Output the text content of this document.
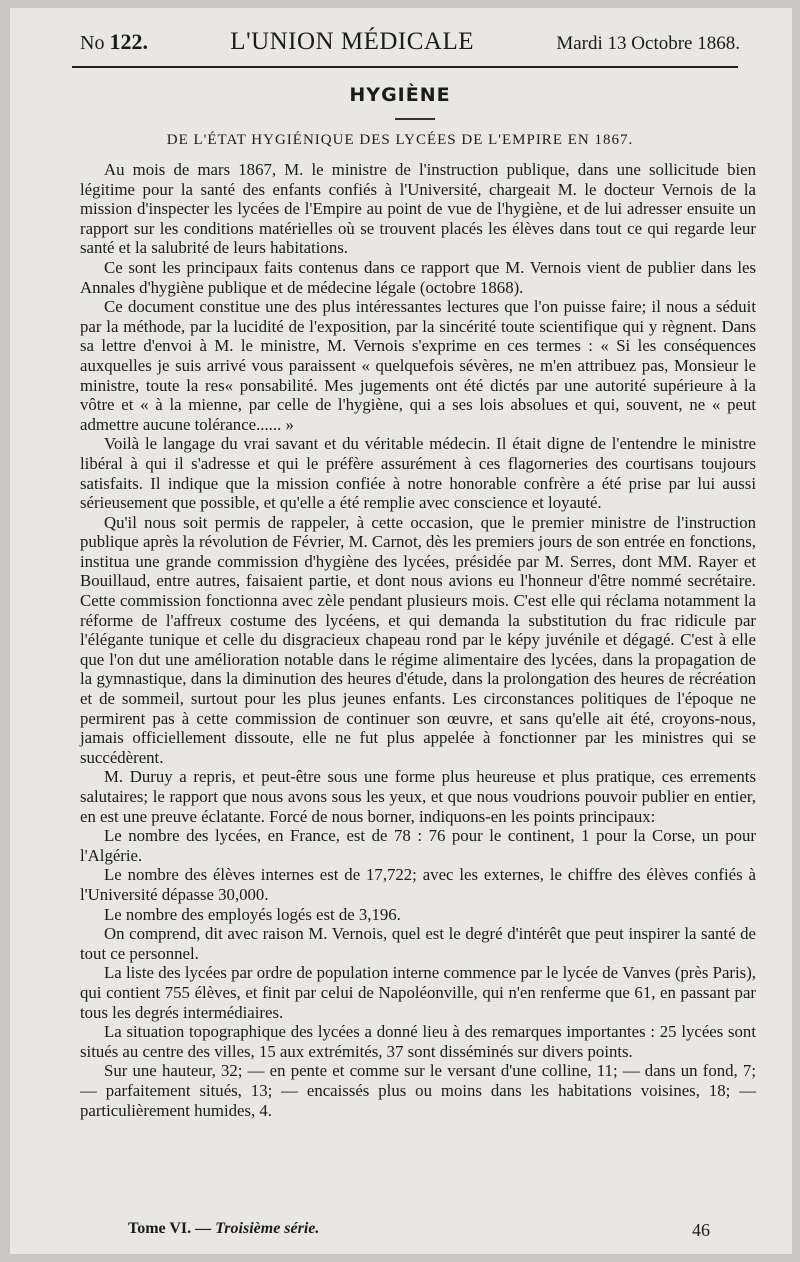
No 122.	L'UNION MÉDICALE	Mardi 13 Octobre 1868.
HYGIÈNE
DE L'ÉTAT HYGIÉNIQUE DES LYCÉES DE L'EMPIRE EN 1867.

Au mois de mars 1867, M. le ministre de l'instruction publique, dans une sollicitude bien légitime pour la santé des enfants confiés à l'Université, chargeait M. le docteur Vernois de la mission d'inspecter les lycées de l'Empire au point de vue de l'hygiène, et de lui adresser ensuite un rapport sur les conditions matérielles où se trouvent placés les élèves dans tout ce qui regarde leur santé et la salubrité de leurs habitations.

Ce sont les principaux faits contenus dans ce rapport que M. Vernois vient de publier dans les Annales d'hygiène publique et de médecine légale (octobre 1868).

Ce document constitue une des plus intéressantes lectures que l'on puisse faire; il nous a séduit par la méthode, par la lucidité de l'exposition, par la sincérité toute scientifique qui y règnent. Dans sa lettre d'envoi à M. le ministre, M. Vernois s'exprime en ces termes : « Si les conséquences auxquelles je suis arrivé vous paraissent « quelquefois sévères, ne m'en attribuez pas, Monsieur le ministre, toute la res« ponsabilité. Mes jugements ont été dictés par une autorité supérieure à la vôtre et « à la mienne, par celle de l'hygiène, qui a ses lois absolues et qui, souvent, ne « peut admettre aucune tolérance...... »

Voilà le langage du vrai savant et du véritable médecin. Il était digne de l'entendre le ministre libéral à qui il s'adresse et qui le préfère assurément à ces flagorneries des courtisans toujours satisfaits. Il indique que la mission confiée à notre honorable confrère a été prise par lui aussi sérieusement que possible, et qu'elle a été remplie avec conscience et loyauté.

Qu'il nous soit permis de rappeler, à cette occasion, que le premier ministre de l'instruction publique après la révolution de Février, M. Carnot, dès les premiers jours de son entrée en fonctions, institua une grande commission d'hygiène des lycées, présidée par M. Serres, dont MM. Rayer et Bouillaud, entre autres, faisaient partie, et dont nous avions eu l'honneur d'être nommé secrétaire. Cette commission fonctionna avec zèle pendant plusieurs mois. C'est elle qui réclama notamment la réforme de l'affreux costume des lycéens, et qui demanda la substitution du frac ridicule par l'élégante tunique et celle du disgracieux chapeau rond par le képy juvénile et dégagé. C'est à elle que l'on dut une amélioration notable dans le régime alimentaire des lycées, dans la propagation de la gymnastique, dans la diminution des heures d'étude, dans la prolongation des heures de récréation et de sommeil, surtout pour les plus jeunes enfants. Les circonstances politiques de l'époque ne permirent pas à cette commission de continuer son œuvre, et sans qu'elle ait été, croyons-nous, jamais officiellement dissoute, elle ne fut plus appelée à fonctionner par les ministres qui se succédèrent.

M. Duruy a repris, et peut-être sous une forme plus heureuse et plus pratique, ces errements salutaires; le rapport que nous avons sous les yeux, et que nous voudrions pouvoir publier en entier, en est une preuve éclatante. Forcé de nous borner, indiquons-en les points principaux:

Le nombre des lycées, en France, est de 78 : 76 pour le continent, 1 pour la Corse, un pour l'Algérie.

Le nombre des élèves internes est de 17,722; avec les externes, le chiffre des élèves confiés à l'Université dépasse 30,000.

Le nombre des employés logés est de 3,196.

On comprend, dit avec raison M. Vernois, quel est le degré d'intérêt que peut inspirer la santé de tout ce personnel.

La liste des lycées par ordre de population interne commence par le lycée de Vanves (près Paris), qui contient 755 élèves, et finit par celui de Napoléonville, qui n'en renferme que 61, en passant par tous les degrés intermédiaires.

La situation topographique des lycées a donné lieu à des remarques importantes : 25 lycées sont situés au centre des villes, 15 aux extrémités, 37 sont disséminés sur divers points.

Sur une hauteur, 32; — en pente et comme sur le versant d'une colline, 11; — dans un fond, 7; — parfaitement situés, 13; — encaissés plus ou moins dans les habitations voisines, 18; — particulièrement humides, 4.

Tome VI. — Troisième série.	46
